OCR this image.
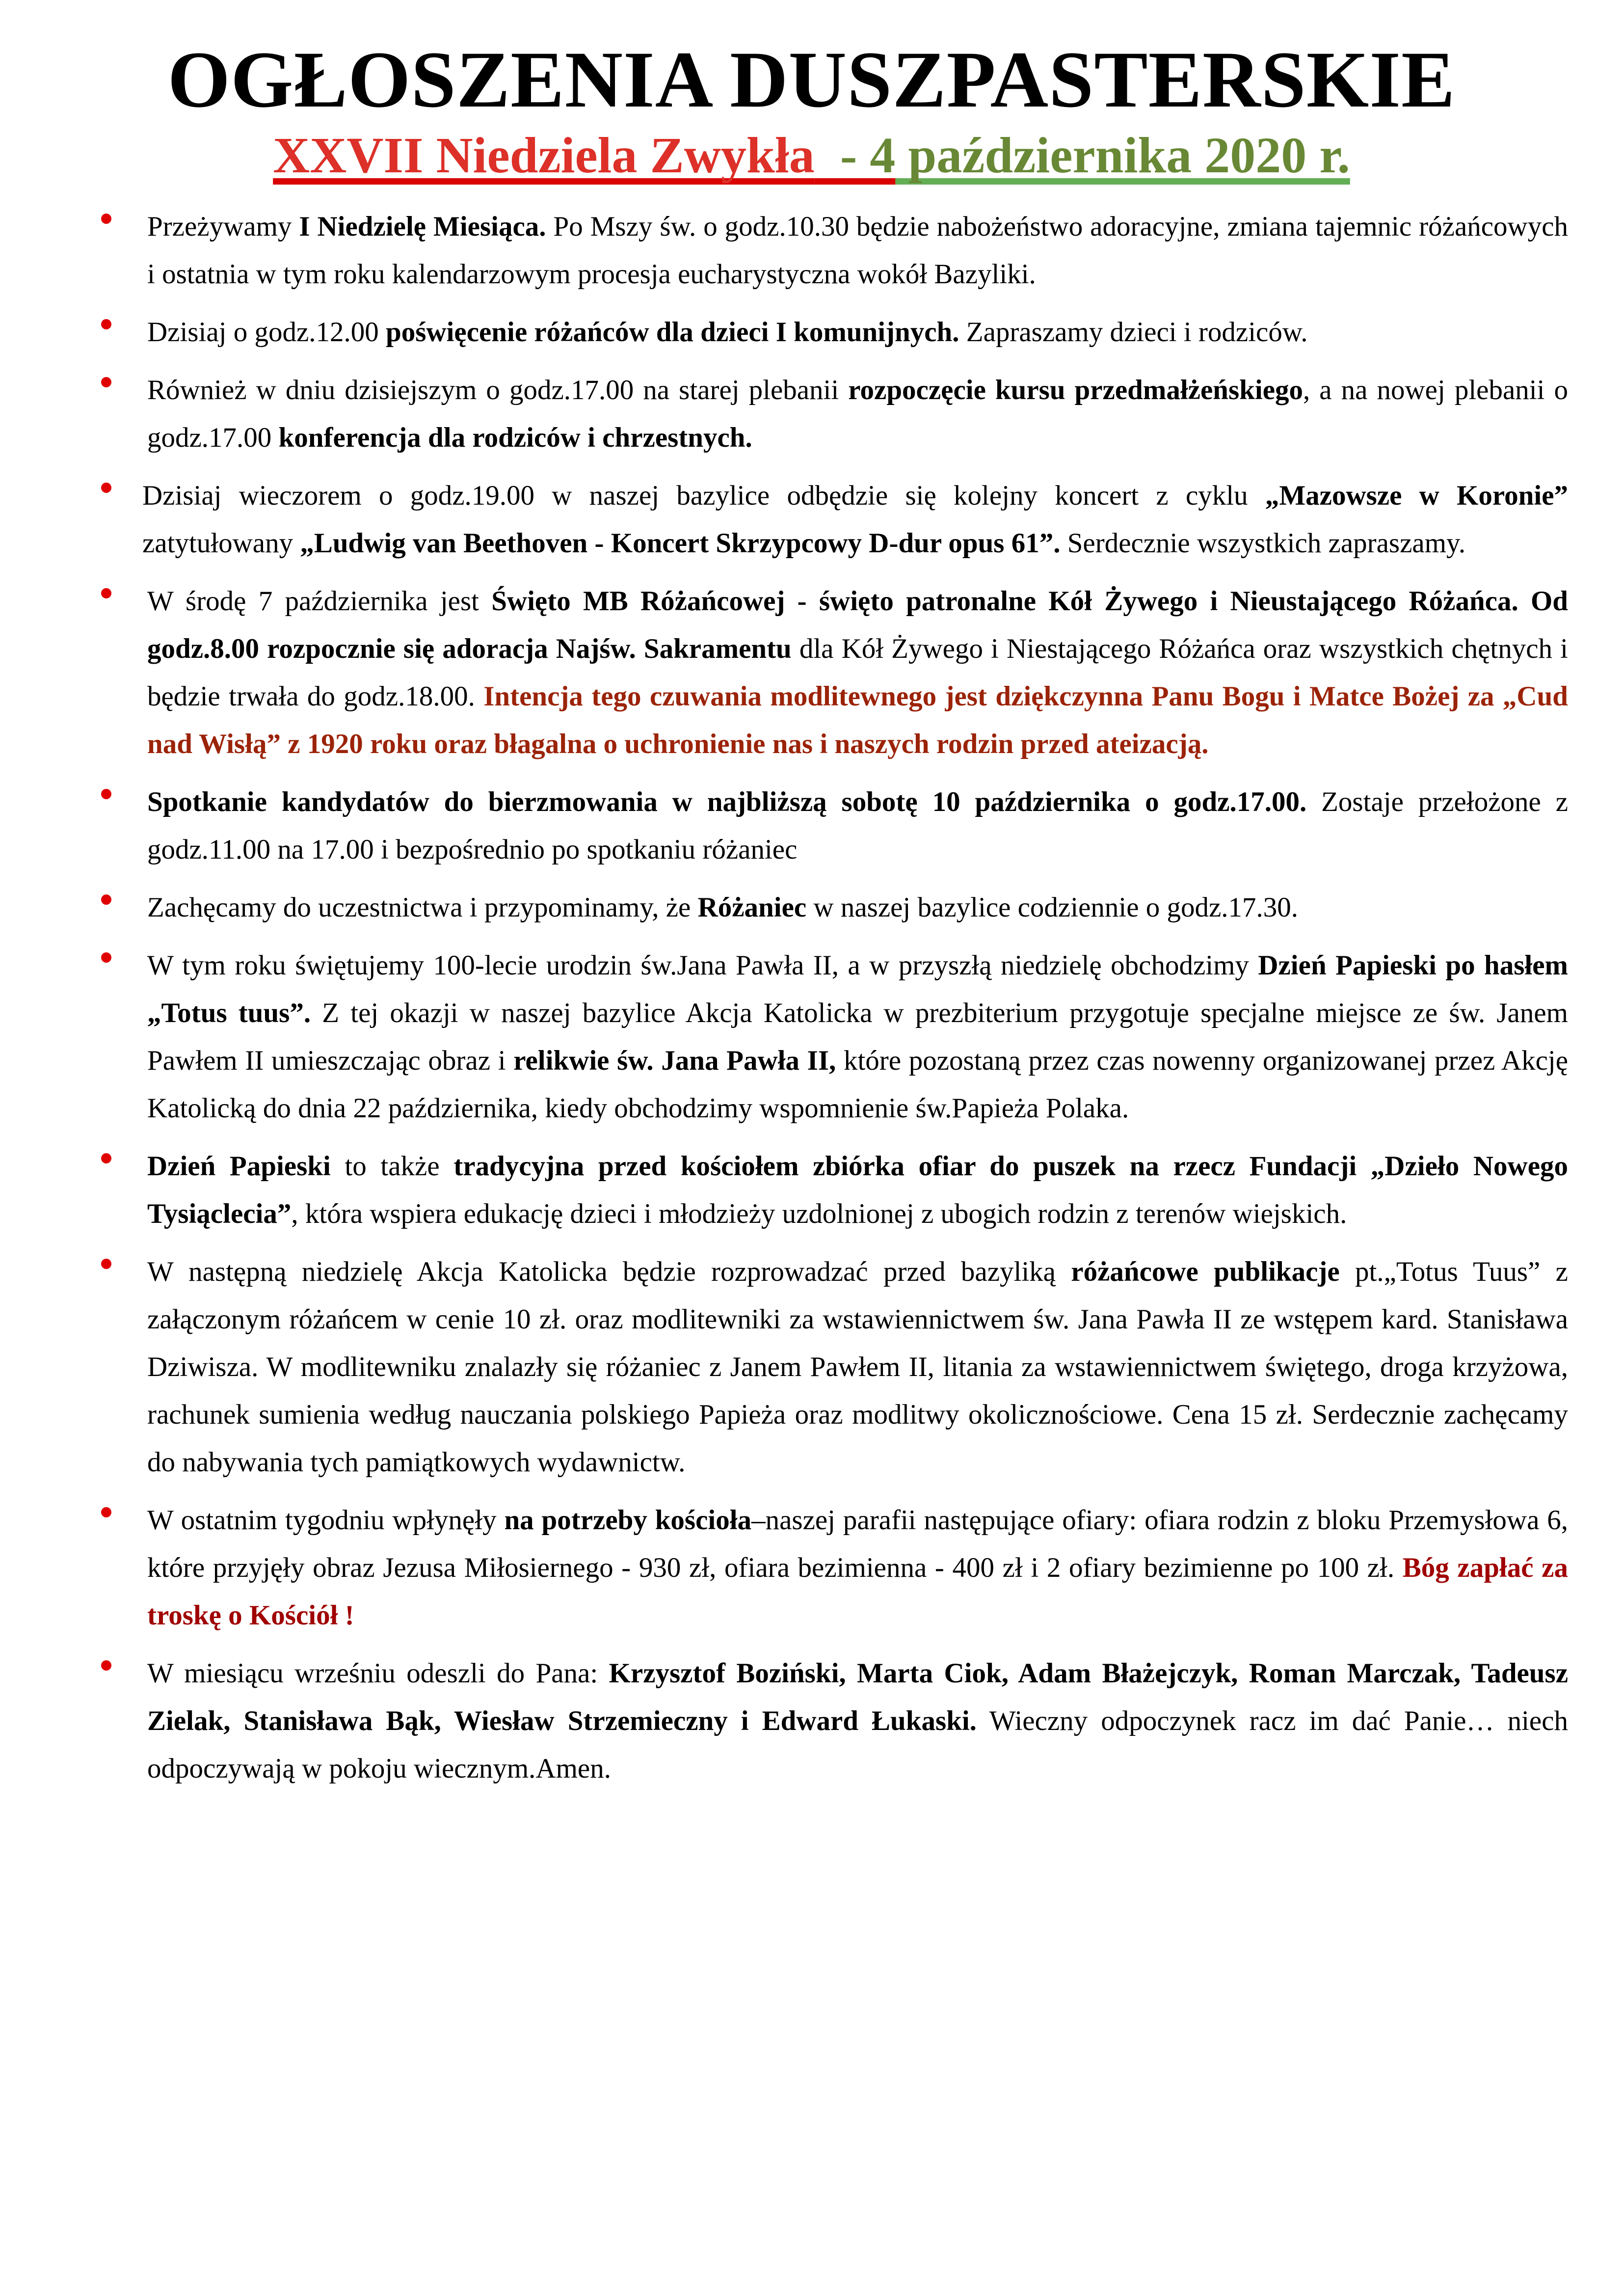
OGŁOSZENIA DUSZPASTERSKIE
XXVII Niedziela Zwykła  - 4 października 2020 r.
Przeżywamy I Niedzielę Miesiąca. Po Mszy św. o godz.10.30 będzie nabożeństwo adoracyjne, zmiana tajemnic różańcowych i ostatnia w tym roku kalendarzowym procesja eucharystyczna wokół Bazyliki.
Dzisiaj o godz.12.00 poświęcenie różańców dla dzieci I komunijnych. Zapraszamy dzieci i rodziców.
Również w dniu dzisiejszym o godz.17.00 na starej plebanii rozpoczęcie kursu przedmałżeńskiego, a na nowej plebanii o godz.17.00 konferencja dla rodziców i chrzestnych.
Dzisiaj wieczorem o godz.19.00 w naszej bazylice odbędzie się kolejny koncert z cyklu „Mazowsze w Koronie” zatytułowany „Ludwig van Beethoven - Koncert Skrzypcowy D-dur opus 61”. Serdecznie wszystkich zapraszamy.
W środę 7 października jest Święto MB Różańcowej - święto patronalne Kół Żywego i Nieustającego Różańca. Od godz.8.00 rozpocznie się adoracja Najśw. Sakramentu dla Kół Żywego i Niestającego Różańca oraz wszystkich chętnych i będzie trwała do godz.18.00. Intencja tego czuwania modlitewnego jest dziękczynna Panu Bogu i Matce Bożej za „Cud nad Wisłą” z 1920 roku oraz błagalna o uchronienie nas i naszych rodzin przed ateizacją.
Spotkanie kandydatów do bierzmowania w najbliższą sobotę 10 października o godz.17.00. Zostaje przełożone z godz.11.00 na 17.00 i bezpośrednio po spotkaniu różaniec
Zachęcamy do uczestnictwa i przypominamy, że Różaniec w naszej bazylice codziennie o godz.17.30.
W tym roku świętujemy 100-lecie urodzin św.Jana Pawła II, a w przyszłą niedzielę obchodzimy Dzień Papieski po hasłem „Totus tuus”. Z tej okazji w naszej bazylice Akcja Katolicka w prezbiterium przygotuje specjalne miejsce ze św. Janem Pawłem II umieszczając obraz i relikwie św. Jana Pawła II, które pozostaną przez czas nowenny organizowanej przez Akcję Katolicką do dnia 22 października, kiedy obchodzimy wspomnienie św.Papieża Polaka.
Dzień Papieski to także tradycyjna przed kościołem zbiórka ofiar do puszek na rzecz Fundacji „Dzieło Nowego Tysiąclecia”, która wspiera edukację dzieci i młodzieży uzdolnionej z ubogich rodzin z terenów wiejskich.
W następną niedzielę Akcja Katolicka będzie rozprowadzać przed bazyliką różańcowe publikacje pt.„Totus Tuus” z załączonym różańcem w cenie 10 zł. oraz modlitewniki za wstawiennictwem św. Jana Pawła II ze wstępem kard. Stanisława Dziwisza. W modlitewniku znalazły się różaniec z Janem Pawłem II, litania za wstawiennictwem świętego, droga krzyżowa, rachunek sumienia według nauczania polskiego Papieża oraz modlitwy okolicznościowe. Cena 15 zł. Serdecznie zachęcamy do nabywania tych pamiątkowych wydawnictw.
W ostatnim tygodniu wpłynęły na potrzeby kościoła–naszej parafii następujące ofiary: ofiara rodzin z bloku Przemysłowa 6, które przyjęły obraz Jezusa Miłosiernego - 930 zł, ofiara bezimienna - 400 zł i 2 ofiary bezimienne po 100 zł. Bóg zapłać za troskę o Kościół !
W miesiącu wrześniu odeszli do Pana: Krzysztof Boziński, Marta Ciok, Adam Błażejczyk, Roman Marczak, Tadeusz Zielak, Stanisława Bąk, Wiesław Strzemieczny i Edward Łukaski. Wieczny odpoczynek racz im dać Panie… niech odpoczywają w pokoju wiecznym.Amen.
